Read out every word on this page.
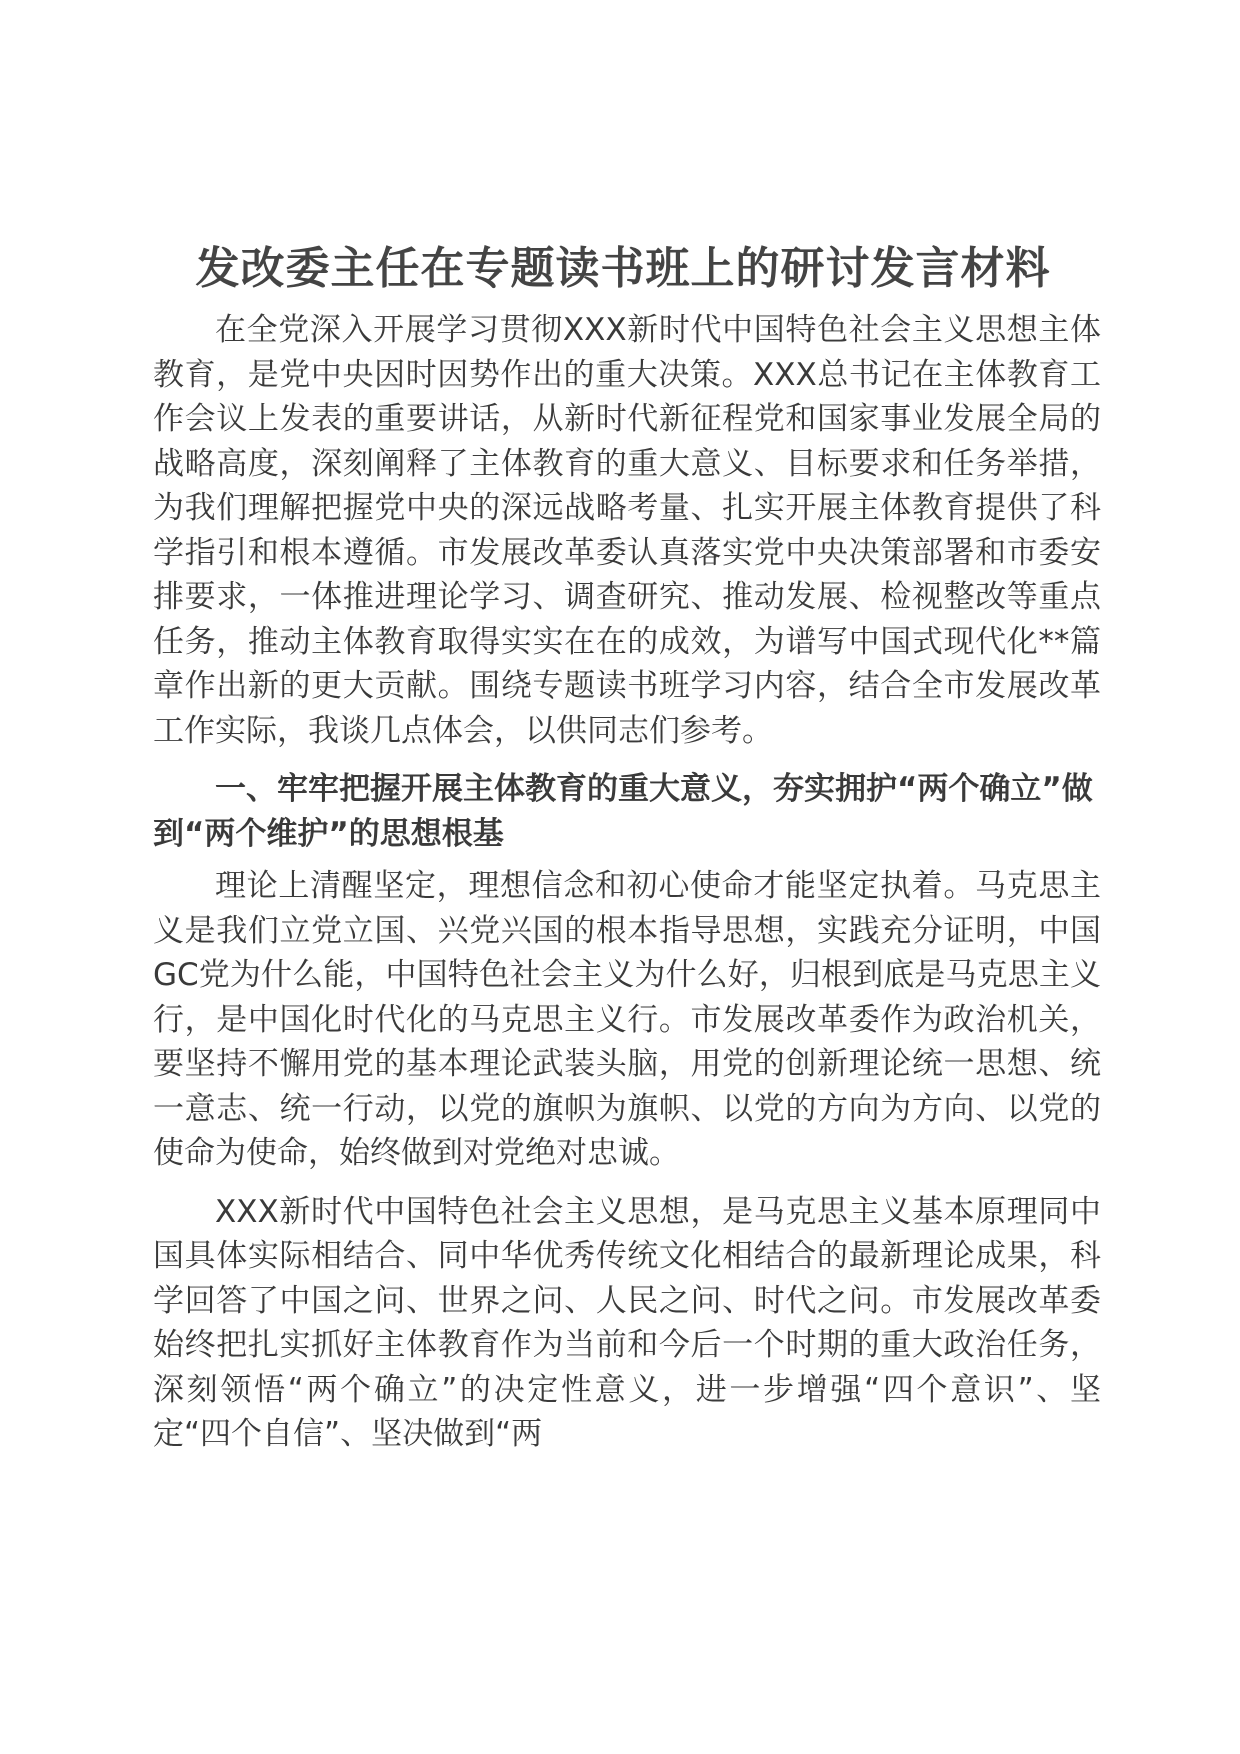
发改委主任在专题读书班上的研讨发言材料

在全党深入开展学习贯彻XXX新时代中国特色社会主义思想主体教育，是党中央因时因势作出的重大决策。XXX总书记在主体教育工作会议上发表的重要讲话，从新时代新征程党和国家事业发展全局的战略高度，深刻阐释了主体教育的重大意义、目标要求和任务举措，为我们理解把握党中央的深远战略考量、扎实开展主体教育提供了科学指引和根本遵循。市发展改革委认真落实党中央决策部署和市委安排要求，一体推进理论学习、调查研究、推动发展、检视整改等重点任务，推动主体教育取得实实在在的成效，为谱写中国式现代化**篇章作出新的更大贡献。围绕专题读书班学习内容，结合全市发展改革工作实际，我谈几点体会，以供同志们参考。

一、牢牢把握开展主体教育的重大意义，夯实拥护“两个确立”做到“两个维护”的思想根基

理论上清醒坚定，理想信念和初心使命才能坚定执着。马克思主义是我们立党立国、兴党兴国的根本指导思想，实践充分证明，中国GC党为什么能，中国特色社会主义为什么好，归根到底是马克思主义行，是中国化时代化的马克思主义行。市发展改革委作为政治机关，要坚持不懈用党的基本理论武装头脑，用党的创新理论统一思想、统一意志、统一行动，以党的旗帜为旗帜、以党的方向为方向、以党的使命为使命，始终做到对党绝对忠诚。

XXX新时代中国特色社会主义思想，是马克思主义基本原理同中国具体实际相结合、同中华优秀传统文化相结合的最新理论成果，科学回答了中国之问、世界之问、人民之问、时代之问。市发展改革委始终把扎实抓好主体教育作为当前和今后一个时期的重大政治任务，深刻领悟“两个确立”的决定性意义，进一步增强“四个意识”、坚定“四个自信”、坚决做到“两
